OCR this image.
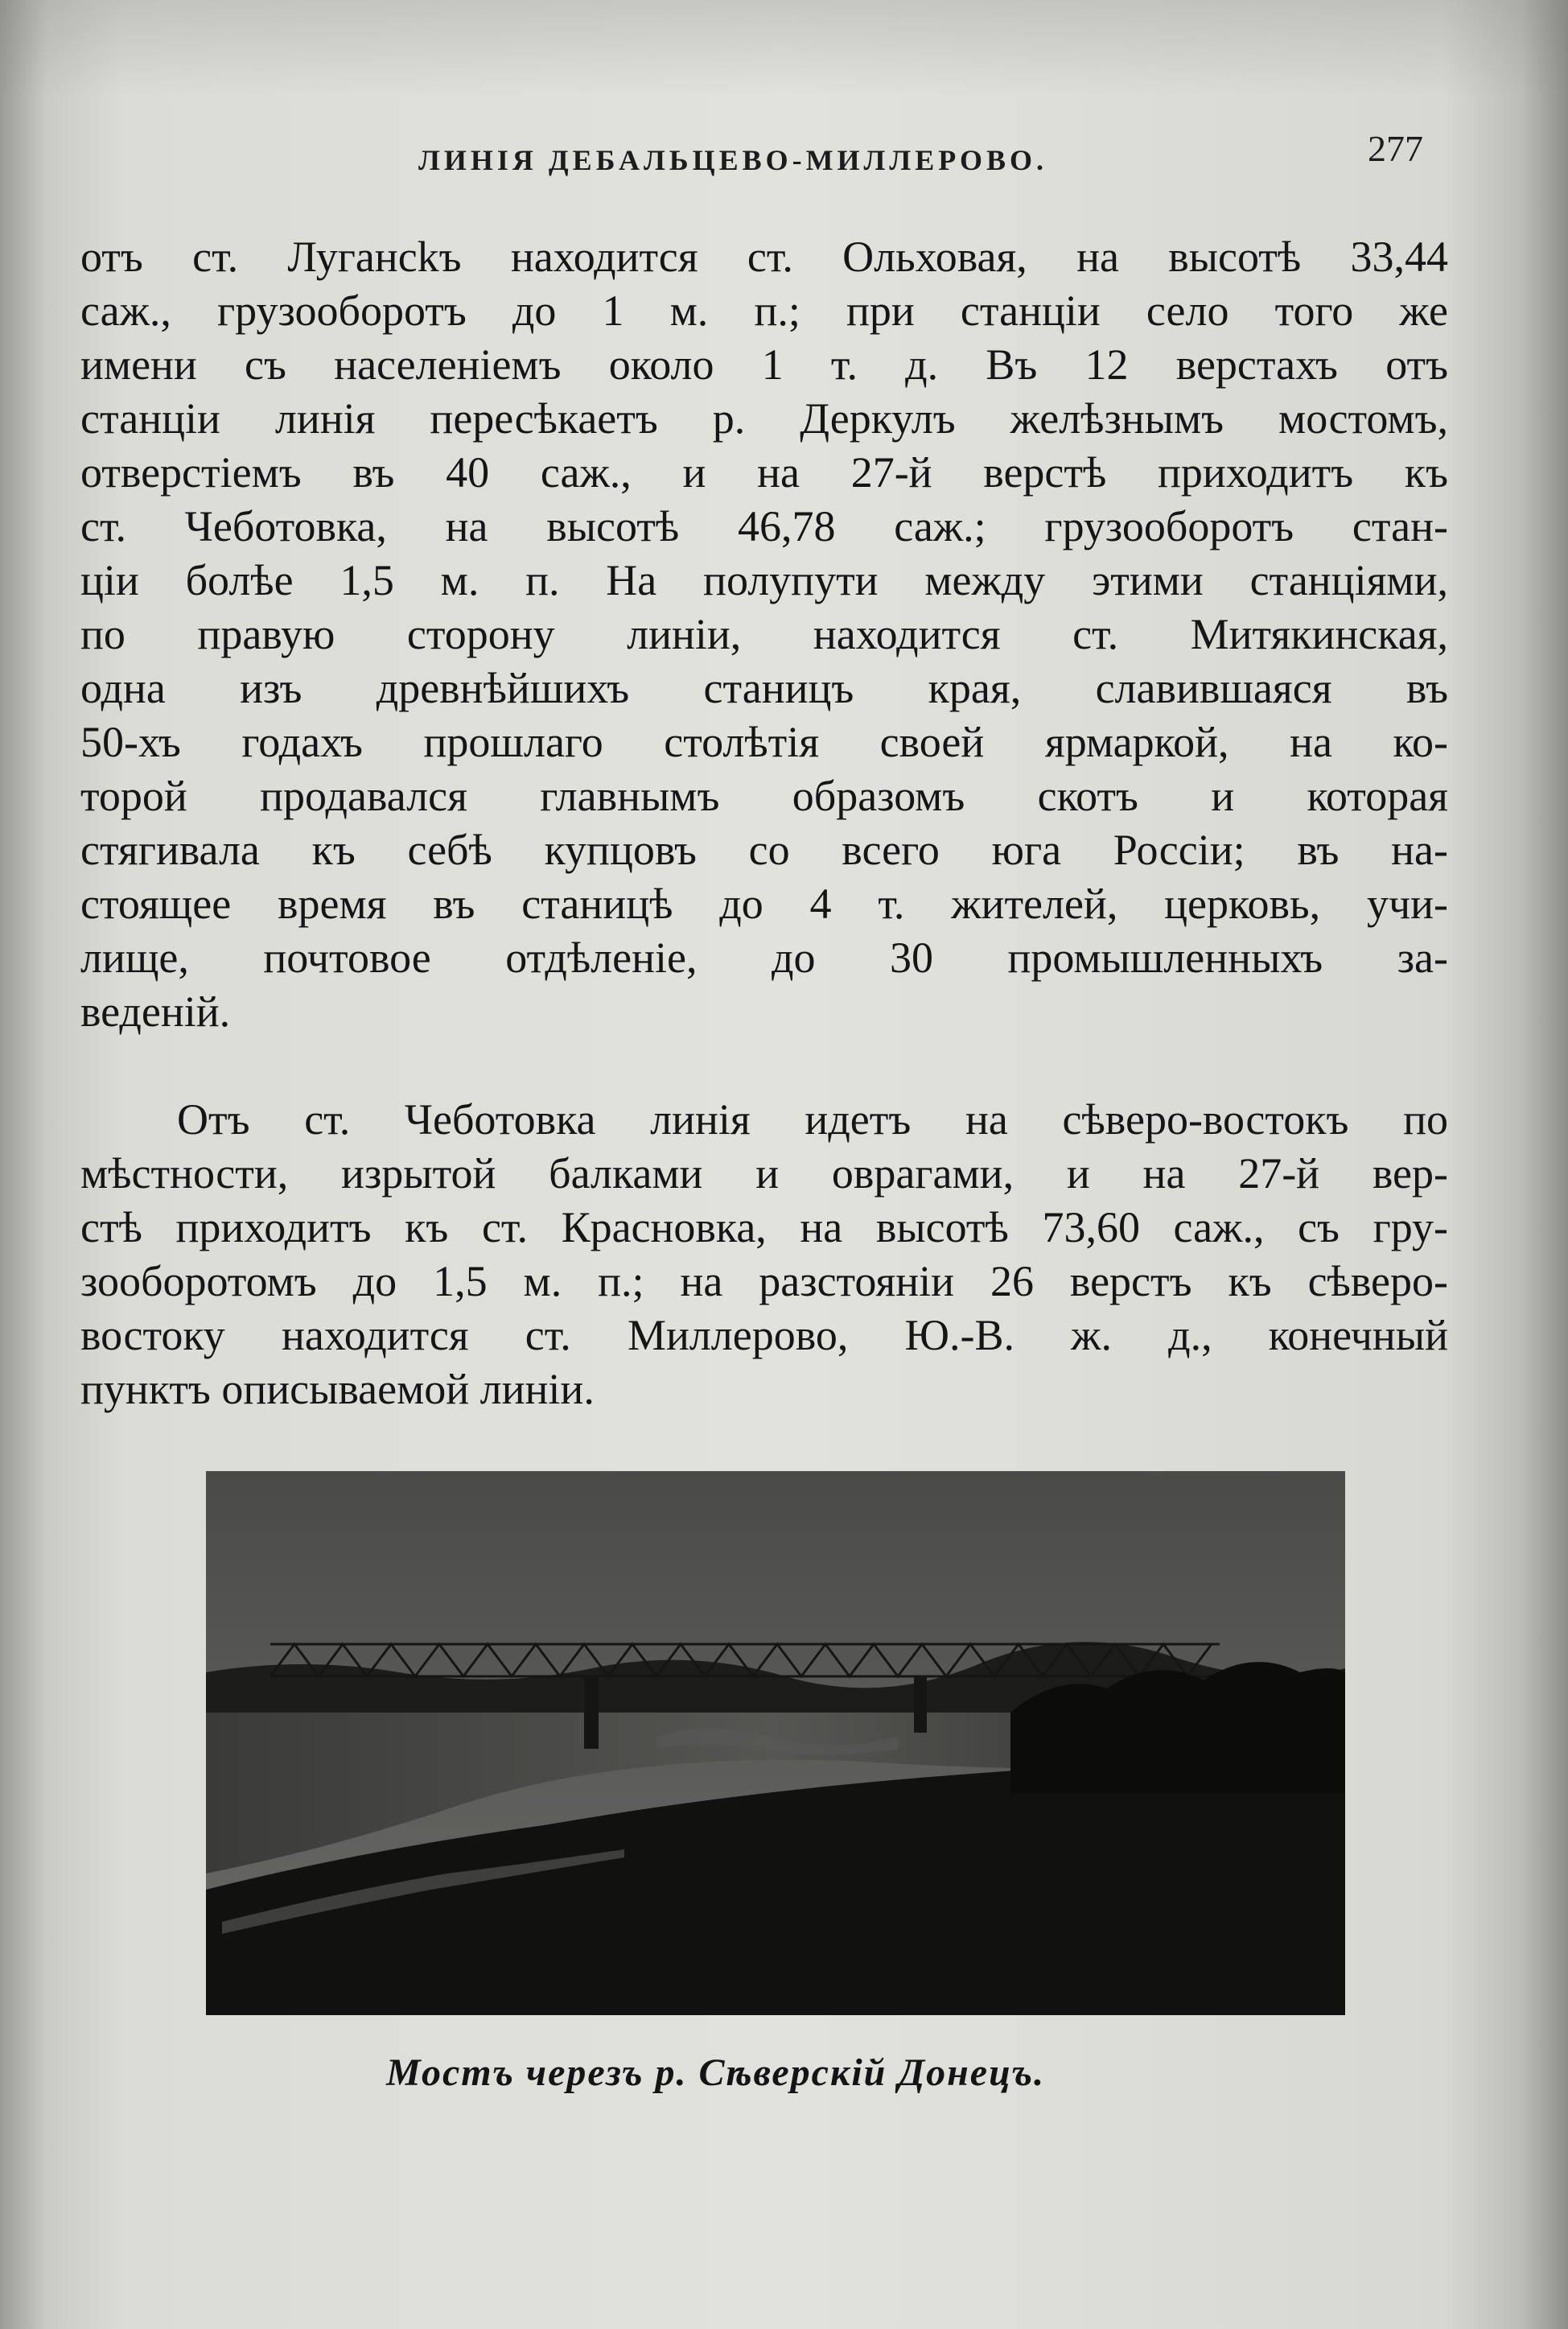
ЛИНІЯ ДЕБАЛЬЦЕВО-МИЛЛЕРОВО.	277
отъ ст. Лугансkъ находится ст. Ольховая, на высотѣ 33,44
саж., грузооборотъ до 1 м. п.; при станціи село того же
имени съ населеніемъ около 1 т. д. Въ 12 верстахъ отъ
станціи линія пересѣкаетъ р. Деркулъ желѣзнымъ мостомъ,
отверстіемъ въ 40 саж., и на 27-й верстѣ приходитъ къ
ст. Чеботовка, на высотѣ 46,78 саж.; грузооборотъ стан-
ціи болѣе 1,5 м. п. На полупути между этими станціями,
по правую сторону линіи, находится ст. Митякинская,
одна изъ древнѣйшихъ станицъ края, славившаяся въ
50-хъ годахъ прошлаго столѣтія своей ярмаркой, на ко-
торой продавался главнымъ образомъ скотъ и которая
стягивала къ себѣ купцовъ со всего юга Россіи; въ на-
стоящее время въ станицѣ до 4 т. жителей, церковь, учи-
лище, почтовое отдѣленіе, до 30 промышленныхъ за-
веденій.
Отъ ст. Чеботовка линія идетъ на сѣверо-востокъ по
мѣстности, изрытой балками и оврагами, и на 27-й вер-
стѣ приходитъ къ ст. Красновка, на высотѣ 73,60 саж., съ гру-
зооборотомъ до 1,5 м. п.; на разстояніи 26 верстъ къ сѣверо-
востоку находится ст. Миллерово, Ю.-В. ж. д., конечный
пунктъ описываемой линіи.
Мостъ черезъ р. Сѣверскій Донецъ.
